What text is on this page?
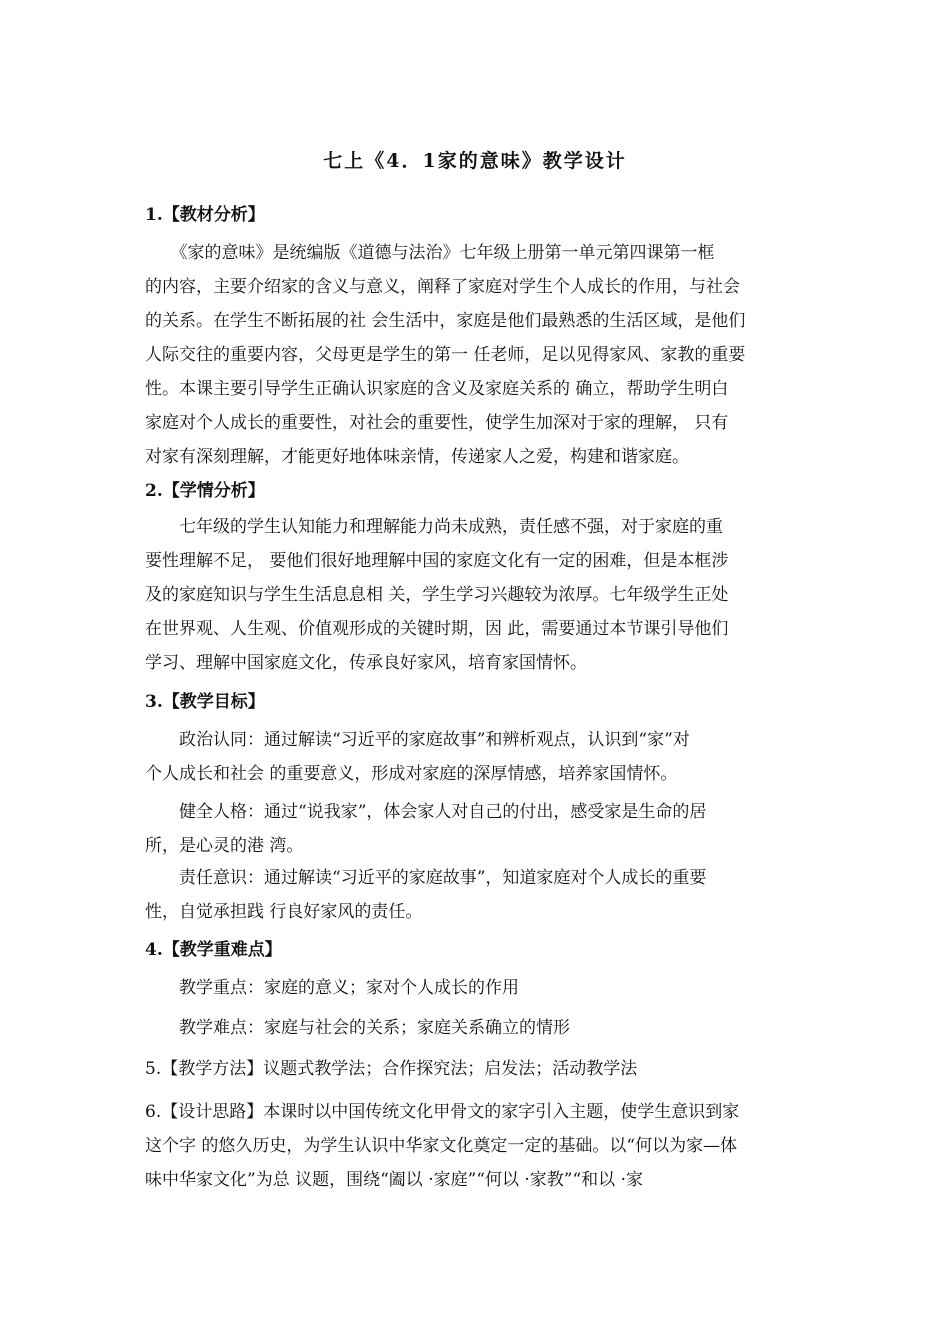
七上《4．1家的意味》教学设计
1.【教材分析】
　　《家的意味》是统编版《道德与法治》七年级上册第一单元第四课第一框
的内容，主要介绍家的含义与意义，阐释了家庭对学生个人成长的作用，与社会
的关系。在学生不断拓展的社 会生活中，家庭是他们最熟悉的生活区域，是他们
人际交往的重要内容，父母更是学生的第一 任老师，足以见得家风、家教的重要
性。本课主要引导学生正确认识家庭的含义及家庭关系的 确立，帮助学生明白
家庭对个人成长的重要性，对社会的重要性，使学生加深对于家的理解， 只有
对家有深刻理解，才能更好地体味亲情，传递家人之爱，构建和谐家庭。
2.【学情分析】
　　七年级的学生认知能力和理解能力尚未成熟，责任感不强，对于家庭的重
要性理解不足， 要他们很好地理解中国的家庭文化有一定的困难，但是本框涉
及的家庭知识与学生生活息息相 关，学生学习兴趣较为浓厚。七年级学生正处
在世界观、人生观、价值观形成的关键时期，因 此，需要通过本节课引导他们
学习、理解中国家庭文化，传承良好家风，培育家国情怀。
3.【教学目标】
　　政治认同：通过解读“习近平的家庭故事”和辨析观点，认识到“家”对
个人成长和社会 的重要意义，形成对家庭的深厚情感，培养家国情怀。
　　健全人格：通过“说我家”，体会家人对自己的付出，感受家是生命的居
所，是心灵的港 湾。
　　责任意识：通过解读“习近平的家庭故事”，知道家庭对个人成长的重要
性，自觉承担践 行良好家风的责任。
4.【教学重难点】
　　教学重点：家庭的意义；家对个人成长的作用
　　教学难点：家庭与社会的关系；家庭关系确立的情形
5.【教学方法】议题式教学法；合作探究法；启发法；活动教学法
6.【设计思路】本课时以中国传统文化甲骨文的家字引入主题，使学生意识到家
这个字 的悠久历史，为学生认识中华家文化奠定一定的基础。以“何以为家—体
味中华家文化”为总 议题，围绕“阖以 ·家庭”“何以 ·家教”“和以 ·家
